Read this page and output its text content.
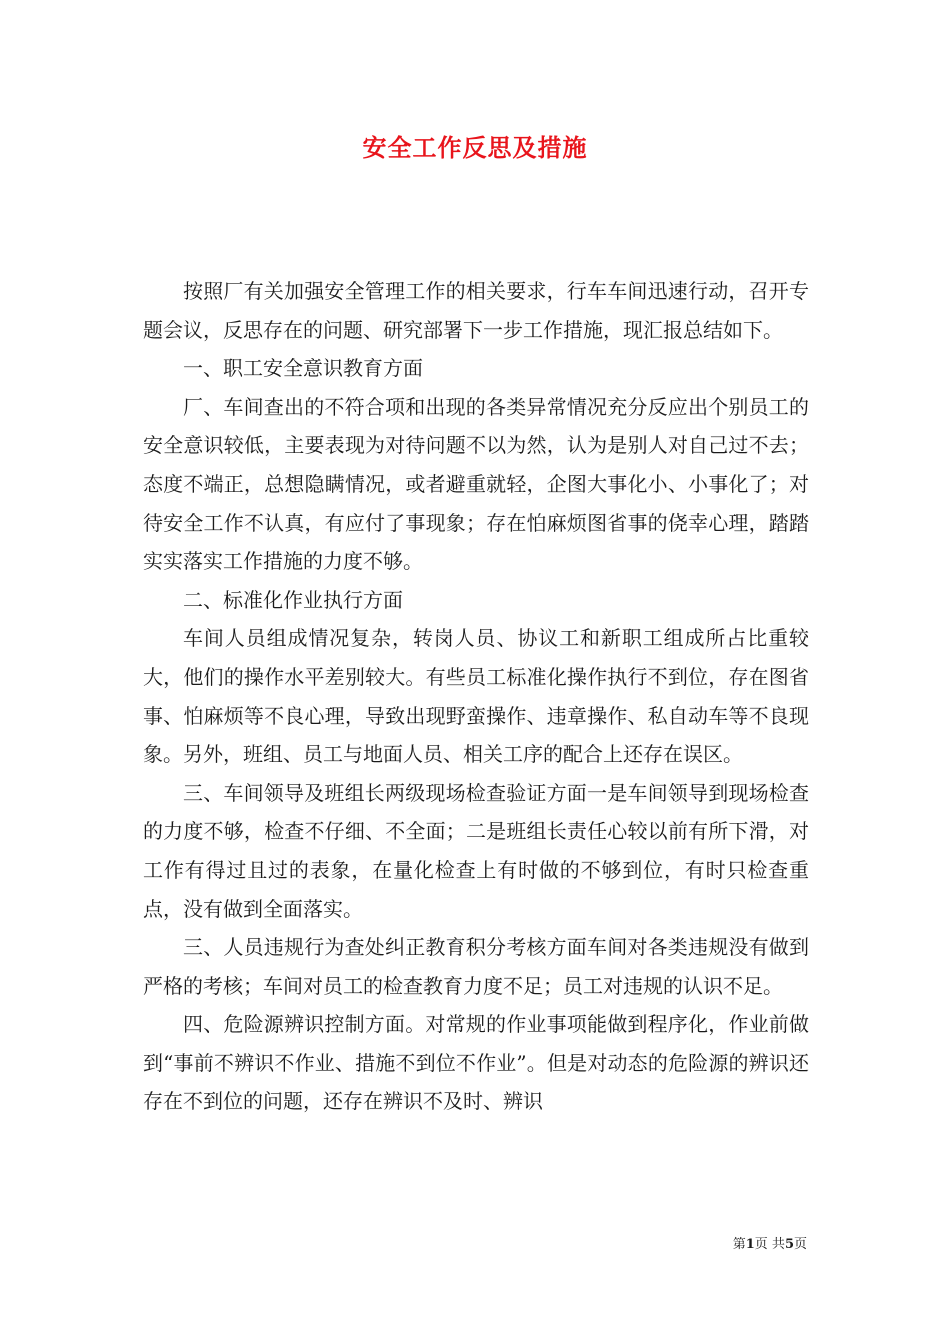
安全工作反思及措施

按照厂有关加强安全管理工作的相关要求，行车车间迅速行动，召开专题会议，反思存在的问题、研究部署下一步工作措施，现汇报总结如下。

一、职工安全意识教育方面

厂、车间查出的不符合项和出现的各类异常情况充分反应出个别员工的安全意识较低，主要表现为对待问题不以为然，认为是别人对自己过不去；态度不端正，总想隐瞒情况，或者避重就轻，企图大事化小、小事化了；对待安全工作不认真，有应付了事现象；存在怕麻烦图省事的侥幸心理，踏踏实实落实工作措施的力度不够。

二、标准化作业执行方面

车间人员组成情况复杂，转岗人员、协议工和新职工组成所占比重较大，他们的操作水平差别较大。有些员工标准化操作执行不到位，存在图省事、怕麻烦等不良心理，导致出现野蛮操作、违章操作、私自动车等不良现象。另外，班组、员工与地面人员、相关工序的配合上还存在误区。

三、车间领导及班组长两级现场检查验证方面一是车间领导到现场检查的力度不够，检查不仔细、不全面；二是班组长责任心较以前有所下滑，对工作有得过且过的表象，在量化检查上有时做的不够到位，有时只检查重点，没有做到全面落实。

三、人员违规行为查处纠正教育积分考核方面车间对各类违规没有做到严格的考核；车间对员工的检查教育力度不足；员工对违规的认识不足。

四、危险源辨识控制方面。对常规的作业事项能做到程序化，作业前做到“事前不辨识不作业、措施不到位不作业”。但是对动态的危险源的辨识还存在不到位的问题，还存在辨识不及时、辨识

第1页 共5页
